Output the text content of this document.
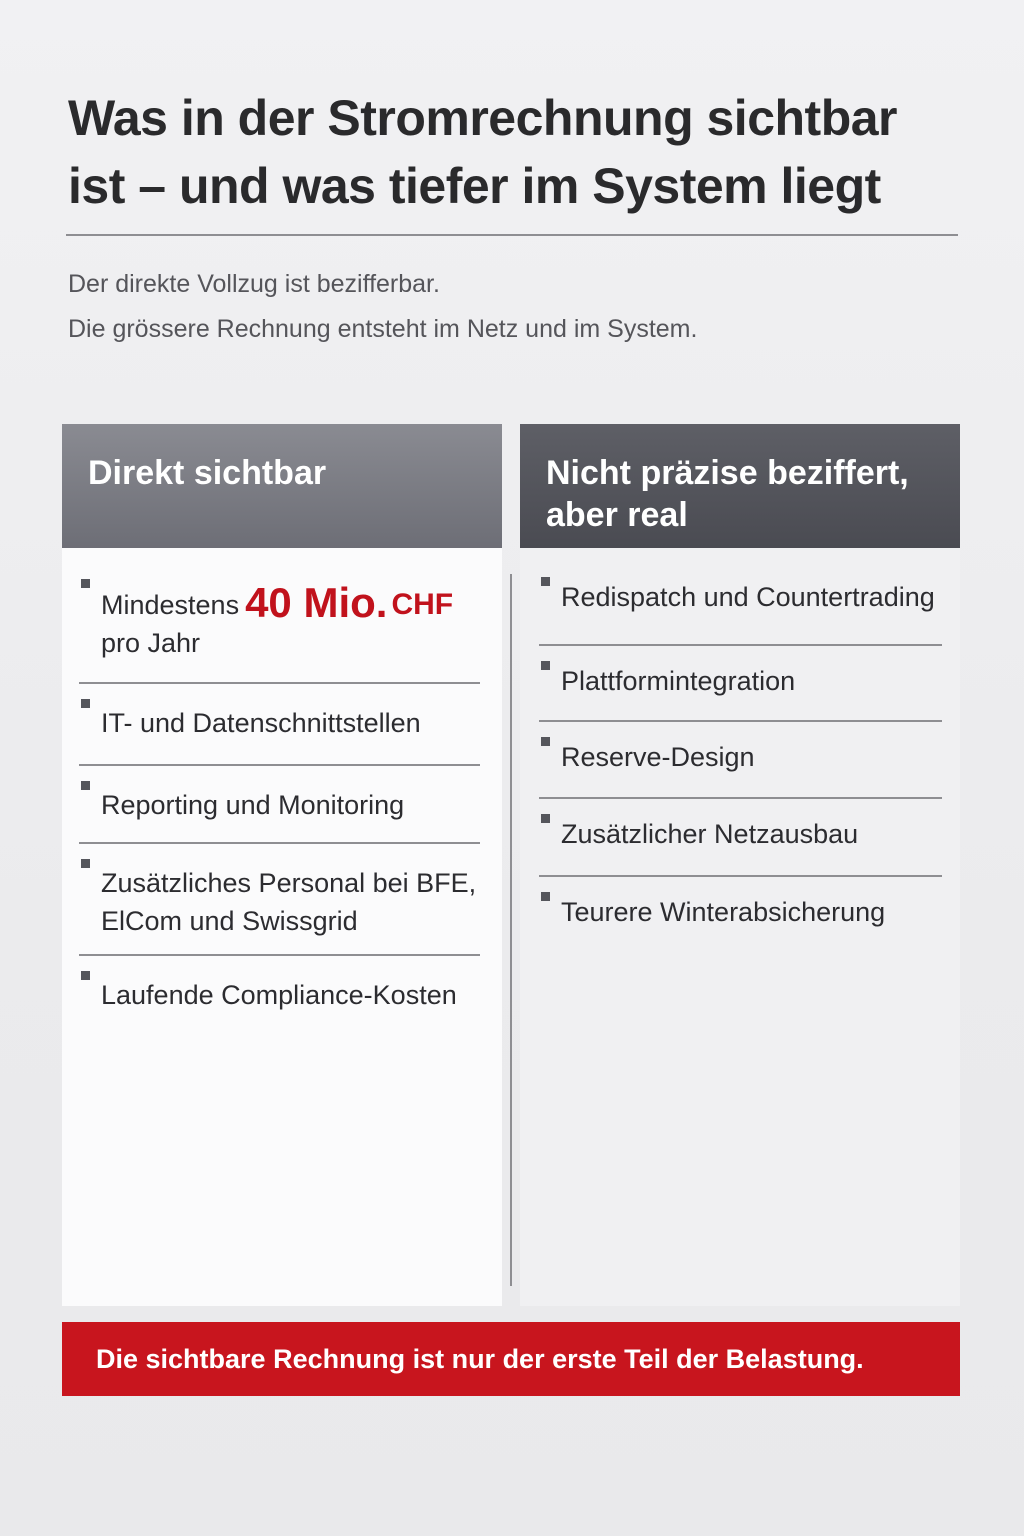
Was in der Stromrechnung sichtbar ist – und was tiefer im System liegt
Der direkte Vollzug ist bezifferbar.
Die grössere Rechnung entsteht im Netz und im System.
Direkt sichtbar
Mindestens 40 Mio. CHF
pro Jahr
IT- und Datenschnittstellen
Reporting und Monitoring
Zusätzliches Personal bei BFE, ElCom und Swissgrid
Laufende Compliance-Kosten
Nicht präzise beziffert, aber real
Redispatch und Countertrading
Plattformintegration
Reserve-Design
Zusätzlicher Netzausbau
Teurere Winterabsicherung
Die sichtbare Rechnung ist nur der erste Teil der Belastung.
